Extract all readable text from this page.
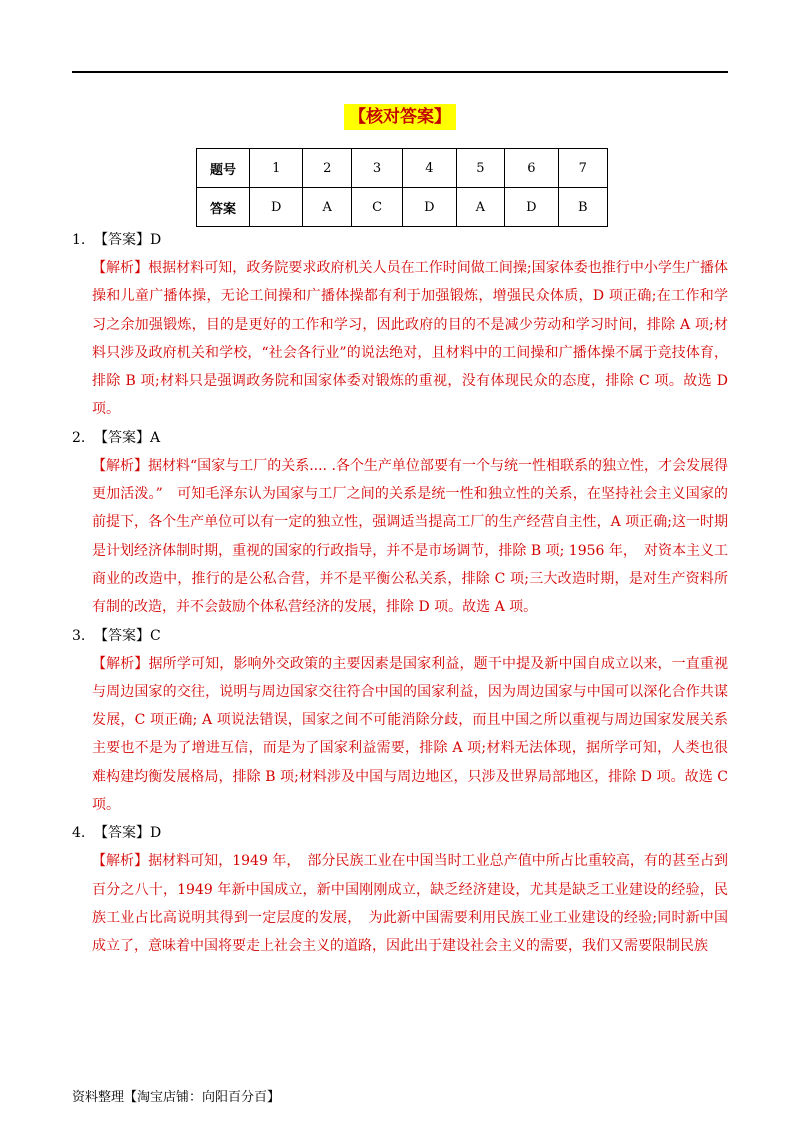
【核对答案】
题号	1	2	3	4	5	6	7
答案	D	A	C	D	A	D	B
1. 【答案】D
【解析】根据材料可知，政务院要求政府机关人员在工作时间做工间操;国家体委也推行中小学生广播体操和儿童广播体操，无论工间操和广播体操都有利于加强锻炼，增强民众体质，D 项正确;在工作和学习之余加强锻炼，目的是更好的工作和学习，因此政府的目的不是减少劳动和学习时间，排除 A 项;材料只涉及政府机关和学校，“社会各行业”的说法绝对，且材料中的工间操和广播体操不属于竞技体育，排除 B 项;材料只是强调政务院和国家体委对锻炼的重视，没有体现民众的态度，排除 C 项。故选 D 项。
2. 【答案】A
【解析】据材料“国家与工厂的关系.... .各个生产单位部要有一个与统一性相联系的独立性，才会发展得更加活泼。”　可知毛泽东认为国家与工厂之间的关系是统一性和独立性的关系，在坚持社会主义国家的前提下，各个生产单位可以有一定的独立性，强调适当提高工厂的生产经营自主性，A 项正确;这一时期是计划经济体制时期，重视的国家的行政指导，并不是市场调节，排除 B 项; 1956 年，　对资本主义工商业的改造中，推行的是公私合营，并不是平衡公私关系，排除 C 项;三大改造时期，是对生产资料所有制的改造，并不会鼓励个体私营经济的发展，排除 D 项。故选 A 项。
3. 【答案】C
【解析】据所学可知，影响外交政策的主要因素是国家利益，题干中提及新中国自成立以来，一直重视 与周边国家的交往，说明与周边国家交往符合中国的国家利益，因为周边国家与中国可以深化合作共谋发展，C 项正确; A 项说法错误，国家之间不可能消除分歧，而且中国之所以重视与周边国家发展关系主要也不是为了增进互信，而是为了国家利益需要，排除 A 项;材料无法体现，据所学可知，人类也很难构建均衡发展格局，排除 B 项;材料涉及中国与周边地区，只涉及世界局部地区，排除 D 项。故选 C 项。
4. 【答案】D
【解析】据材料可知，1949 年，　部分民族工业在中国当时工业总产值中所占比重较高，有的甚至占到百分之八十，1949 年新中国成立，新中国刚刚成立，缺乏经济建设，尤其是缺乏工业建设的经验，民族工业占比高说明其得到一定层度的发展，　为此新中国需要利用民族工业工业建设的经验;同时新中国成立了，意味着中国将要走上社会主义的道路，因此出于建设社会主义的需要，我们又需要限制民族
资料整理【淘宝店铺：向阳百分百】
